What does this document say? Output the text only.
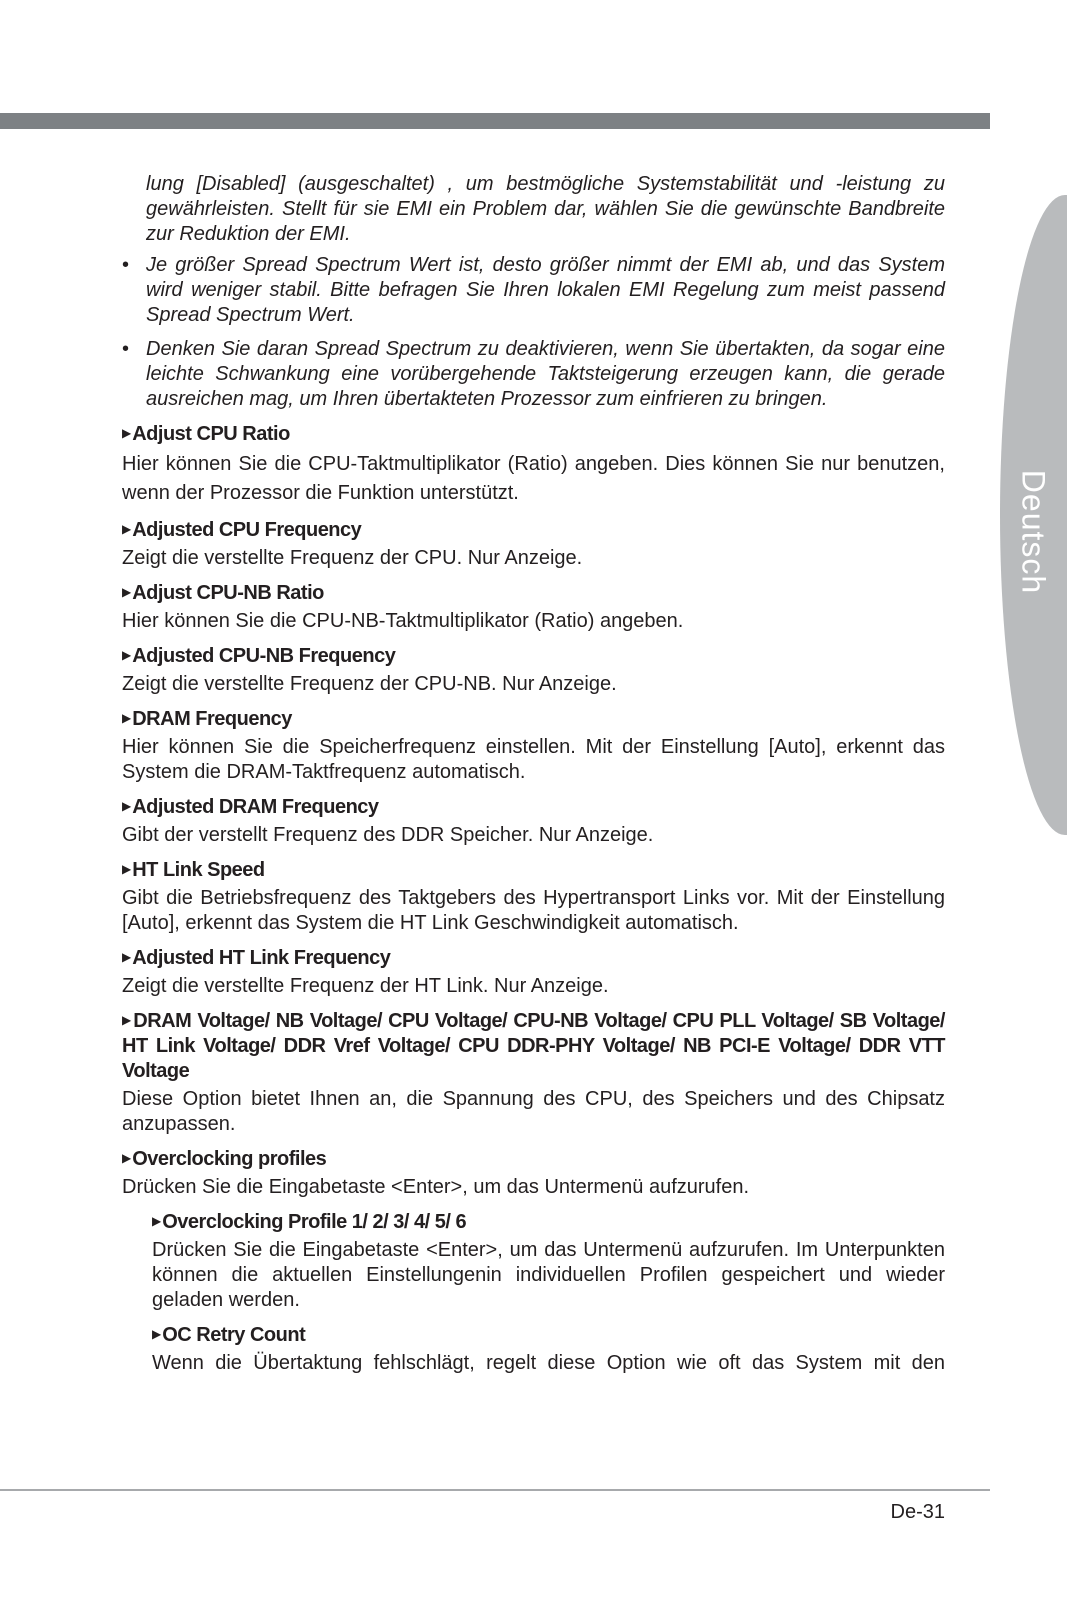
Deutsch

lung [Disabled] (ausgeschaltet) , um bestmögliche Systemstabilität und -leistung zu gewährleisten. Stellt für sie EMI ein Problem dar, wählen Sie die gewünschte Bandbreite zur Reduktion der EMI.

• Je größer Spread Spectrum Wert ist, desto größer nimmt der EMI ab, und das System wird weniger stabil. Bitte befragen Sie Ihren lokalen EMI Regelung zum meist passend Spread Spectrum Wert.
• Denken Sie daran Spread Spectrum zu deaktivieren, wenn Sie übertakten, da sogar eine leichte Schwankung eine vorübergehende Taktsteigerung erzeugen kann, die gerade ausreichen mag, um Ihren übertakteten Prozessor zum einfrieren zu bringen.
▶Adjust CPU Ratio
Hier können Sie die CPU-Taktmultiplikator (Ratio) angeben. Dies können Sie nur benutzen, wenn der Prozessor die Funktion unterstützt.
▶Adjusted CPU Frequency
Zeigt die verstellte Frequenz der CPU. Nur Anzeige.
▶Adjust CPU-NB Ratio
Hier können Sie die CPU-NB-Taktmultiplikator (Ratio) angeben.
▶Adjusted CPU-NB Frequency
Zeigt die verstellte Frequenz der CPU-NB. Nur Anzeige.
▶DRAM Frequency
Hier können Sie die Speicherfrequenz einstellen. Mit der Einstellung [Auto], erkennt das System die DRAM-Taktfrequenz automatisch.
▶Adjusted DRAM Frequency
Gibt der verstellt Frequenz des DDR Speicher. Nur Anzeige.
▶HT Link Speed
Gibt die Betriebsfrequenz des Taktgebers des Hypertransport Links vor. Mit der Einstellung [Auto], erkennt das System die HT Link Geschwindigkeit automatisch.
▶Adjusted HT Link Frequency
Zeigt die verstellte Frequenz der HT Link. Nur Anzeige.
▶DRAM Voltage/ NB Voltage/ CPU Voltage/ CPU-NB Voltage/ CPU PLL Voltage/ SB Voltage/ HT Link Voltage/ DDR Vref Voltage/ CPU DDR-PHY Voltage/ NB PCI-E Voltage/ DDR VTT Voltage
Diese Option bietet Ihnen an, die Spannung des CPU, des Speichers und des Chipsatz anzupassen.
▶Overclocking profiles
Drücken Sie die Eingabetaste <Enter>, um das Untermenü aufzurufen.
▶Overclocking Profile 1/ 2/ 3/ 4/ 5/ 6
Drücken Sie die Eingabetaste <Enter>, um das Untermenü aufzurufen. Im Unterpunkten können die aktuellen Einstellungenin individuellen Profilen gespeichert und wieder geladen werden.
▶OC Retry Count
Wenn die Übertaktung fehlschlägt, regelt diese Option wie oft das System mit den
De-31
